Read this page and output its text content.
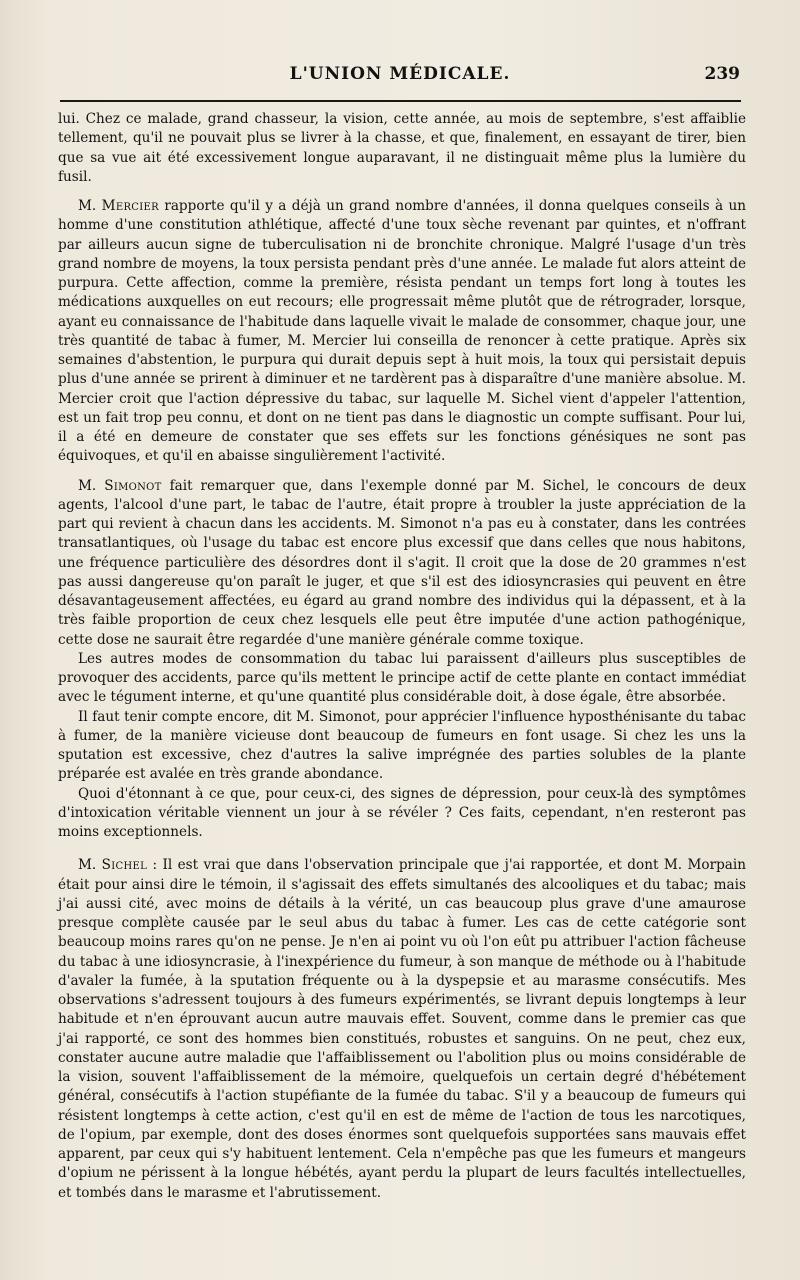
L'UNION MÉDICALE.	239

lui. Chez ce malade, grand chasseur, la vision, cette année, au mois de septembre, s'est affaiblie tellement, qu'il ne pouvait plus se livrer à la chasse, et que, finalement, en essayant de tirer, bien que sa vue ait été excessivement longue auparavant, il ne distinguait même plus la lumière du fusil.

M. Mercier rapporte qu'il y a déjà un grand nombre d'années, il donna quelques conseils à un homme d'une constitution athlétique, affecté d'une toux sèche revenant par quintes, et n'offrant par ailleurs aucun signe de tuberculisation ni de bronchite chronique. Malgré l'usage d'un très grand nombre de moyens, la toux persista pendant près d'une année. Le malade fut alors atteint de purpura. Cette affection, comme la première, résista pendant un temps fort long à toutes les médications auxquelles on eut recours; elle progressait même plutôt que de rétrograder, lorsque, ayant eu connaissance de l'habitude dans laquelle vivait le malade de consommer, chaque jour, une très quantité de tabac à fumer, M. Mercier lui conseilla de renoncer à cette pratique. Après six semaines d'abstention, le purpura qui durait depuis sept à huit mois, la toux qui persistait depuis plus d'une année se prirent à diminuer et ne tardèrent pas à disparaître d'une manière absolue. M. Mercier croit que l'action dépressive du tabac, sur laquelle M. Sichel vient d'appeler l'attention, est un fait trop peu connu, et dont on ne tient pas dans le diagnostic un compte suffisant. Pour lui, il a été en demeure de constater que ses effets sur les fonctions génésiques ne sont pas équivoques, et qu'il en abaisse singulièrement l'activité.

M. Simonot fait remarquer que, dans l'exemple donné par M. Sichel, le concours de deux agents, l'alcool d'une part, le tabac de l'autre, était propre à troubler la juste appréciation de la part qui revient à chacun dans les accidents. M. Simonot n'a pas eu à constater, dans les contrées transatlantiques, où l'usage du tabac est encore plus excessif que dans celles que nous habitons, une fréquence particulière des désordres dont il s'agit. Il croit que la dose de 20 grammes n'est pas aussi dangereuse qu'on paraît le juger, et que s'il est des idiosyncrasies qui peuvent en être désavantageusement affectées, eu égard au grand nombre des individus qui la dépassent, et à la très faible proportion de ceux chez lesquels elle peut être imputée d'une action pathogénique, cette dose ne saurait être regardée d'une manière générale comme toxique.

Les autres modes de consommation du tabac lui paraissent d'ailleurs plus susceptibles de provoquer des accidents, parce qu'ils mettent le principe actif de cette plante en contact immédiat avec le tégument interne, et qu'une quantité plus considérable doit, à dose égale, être absorbée.

Il faut tenir compte encore, dit M. Simonot, pour apprécier l'influence hyposthénisante du tabac à fumer, de la manière vicieuse dont beaucoup de fumeurs en font usage. Si chez les uns la sputation est excessive, chez d'autres la salive imprégnée des parties solubles de la plante préparée est avalée en très grande abondance.

Quoi d'étonnant à ce que, pour ceux-ci, des signes de dépression, pour ceux-là des symptômes d'intoxication véritable viennent un jour à se révéler ? Ces faits, cependant, n'en resteront pas moins exceptionnels.

M. Sichel : Il est vrai que dans l'observation principale que j'ai rapportée, et dont M. Morpain était pour ainsi dire le témoin, il s'agissait des effets simultanés des alcooliques et du tabac; mais j'ai aussi cité, avec moins de détails à la vérité, un cas beaucoup plus grave d'une amaurose presque complète causée par le seul abus du tabac à fumer. Les cas de cette catégorie sont beaucoup moins rares qu'on ne pense. Je n'en ai point vu où l'on eût pu attribuer l'action fâcheuse du tabac à une idiosyncrasie, à l'inexpérience du fumeur, à son manque de méthode ou à l'habitude d'avaler la fumée, à la sputation fréquente ou à la dyspepsie et au marasme consécutifs. Mes observations s'adressent toujours à des fumeurs expérimentés, se livrant depuis longtemps à leur habitude et n'en éprouvant aucun autre mauvais effet. Souvent, comme dans le premier cas que j'ai rapporté, ce sont des hommes bien constitués, robustes et sanguins. On ne peut, chez eux, constater aucune autre maladie que l'affaiblissement ou l'abolition plus ou moins considérable de la vision, souvent l'affaiblissement de la mémoire, quelquefois un certain degré d'hébétement général, consécutifs à l'action stupéfiante de la fumée du tabac. S'il y a beaucoup de fumeurs qui résistent longtemps à cette action, c'est qu'il en est de même de l'action de tous les narcotiques, de l'opium, par exemple, dont des doses énormes sont quelquefois supportées sans mauvais effet apparent, par ceux qui s'y habituent lentement. Cela n'empêche pas que les fumeurs et mangeurs d'opium ne périssent à la longue hébétés, ayant perdu la plupart de leurs facultés intellectuelles, et tombés dans le marasme et l'abrutissement.
